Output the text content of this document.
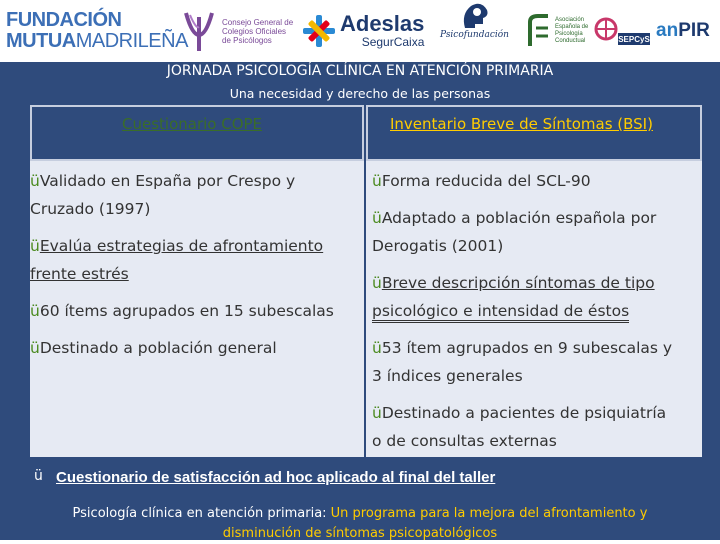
FUNDACIÓN
MUTUAMADRILEÑA
Consejo General de
Colegios Oficiales
de Psicólogos
Adeslas
SegurCaixa Psicofundación
Asociación
Española de
Psicología
Conductual	SEPCyS an PIR
JORNADA PSICOLOGÍA CLÍNICA EN ATENCIÓN PRIMARIA
Una necesidad y derecho de las personas
Cuestionario COPE	Inventario Breve de Síntomas (BSI)
üValidado en España por Crespo y
Cruzado (1997)
üEvalúa estrategias de afrontamiento
frente estrés
ü60 ítems agrupados en 15 subescalas
üDestinado a población general
üForma reducida del SCL-90
üAdaptado a población española por
Derogatis (2001)
üBreve descripción síntomas de tipo
psicológico e intensidad de éstos
ü53 ítem agrupados en 9 subescalas y
3 índices generales
üDestinado a pacientes de psiquiatría
o de consultas externas
ü Cuestionario de satisfacción ad hoc aplicado al final del taller
Psicología clínica en atención primaria: Un programa para la mejora del afrontamiento y
disminución de síntomas psicopatológicos
